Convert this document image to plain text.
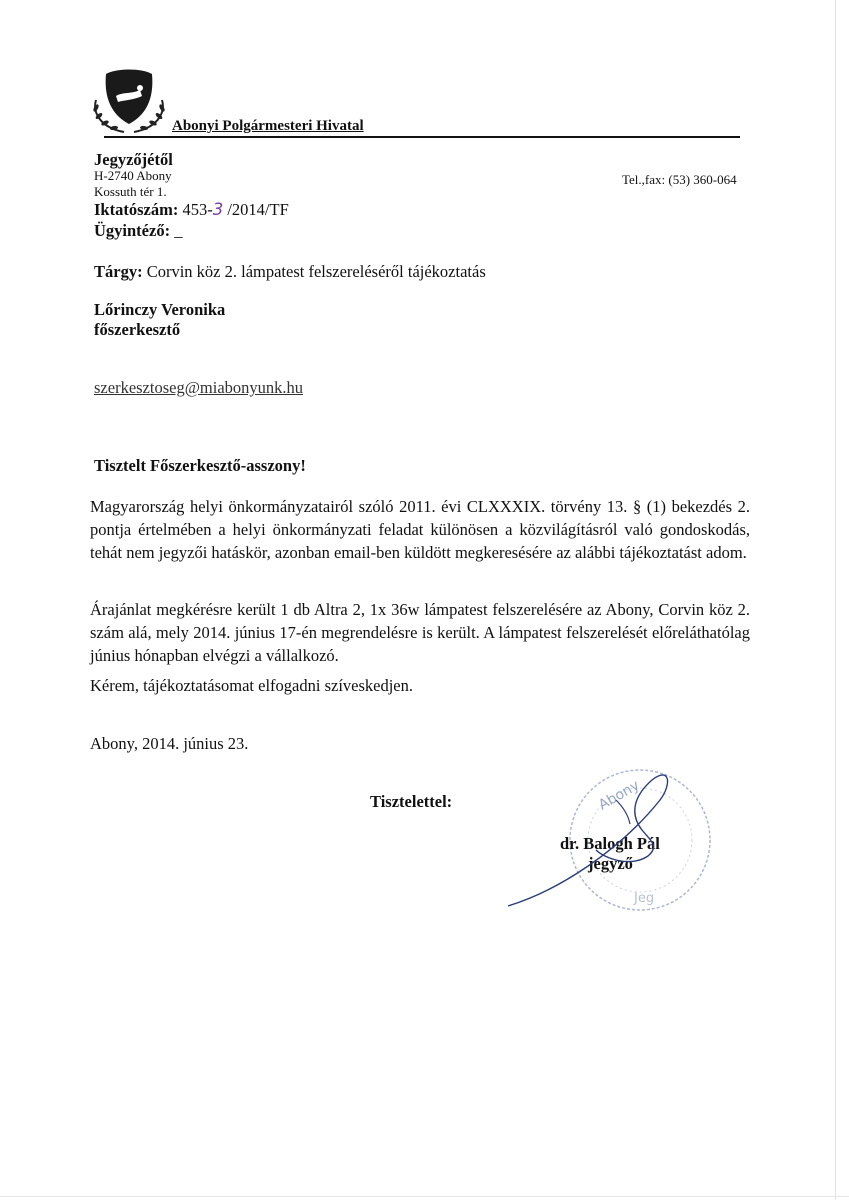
Abonyi Polgármesteri Hivatal
Jegyzőjétől
H-2740 Abony
Kossuth tér 1.
Tel.,fax: (53) 360-064
Iktatószám: 453-3 /2014/TF
Ügyintéző: _
Tárgy: Corvin köz 2. lámpatest felszereléséről tájékoztatás
Lőrinczy Veronika
főszerkesztő
szerkesztoseg@miabonyunk.hu
Tisztelt Főszerkesztő-asszony!
Magyarország helyi önkormányzatairól szóló 2011. évi CLXXXIX. törvény 13. § (1) bekezdés 2. pontja értelmében a helyi önkormányzati feladat különösen a közvilágításról való gondoskodás, tehát nem jegyzői hatáskör, azonban email-ben küldött megkeresésére az alábbi tájékoztatást adom.
Árajánlat megkérésre került 1 db Altra 2, 1x 36w lámpatest felszerelésére az Abony, Corvin köz 2. szám alá, mely 2014. június 17-én megrendelésre is került. A lámpatest felszerelését előreláthatólag június hónapban elvégzi a vállalkozó.
Kérem, tájékoztatásomat elfogadni szíveskedjen.
Abony, 2014. június 23.
Tisztelettel:	Abony
Jeg
dr. Balogh Pál
jegyző
